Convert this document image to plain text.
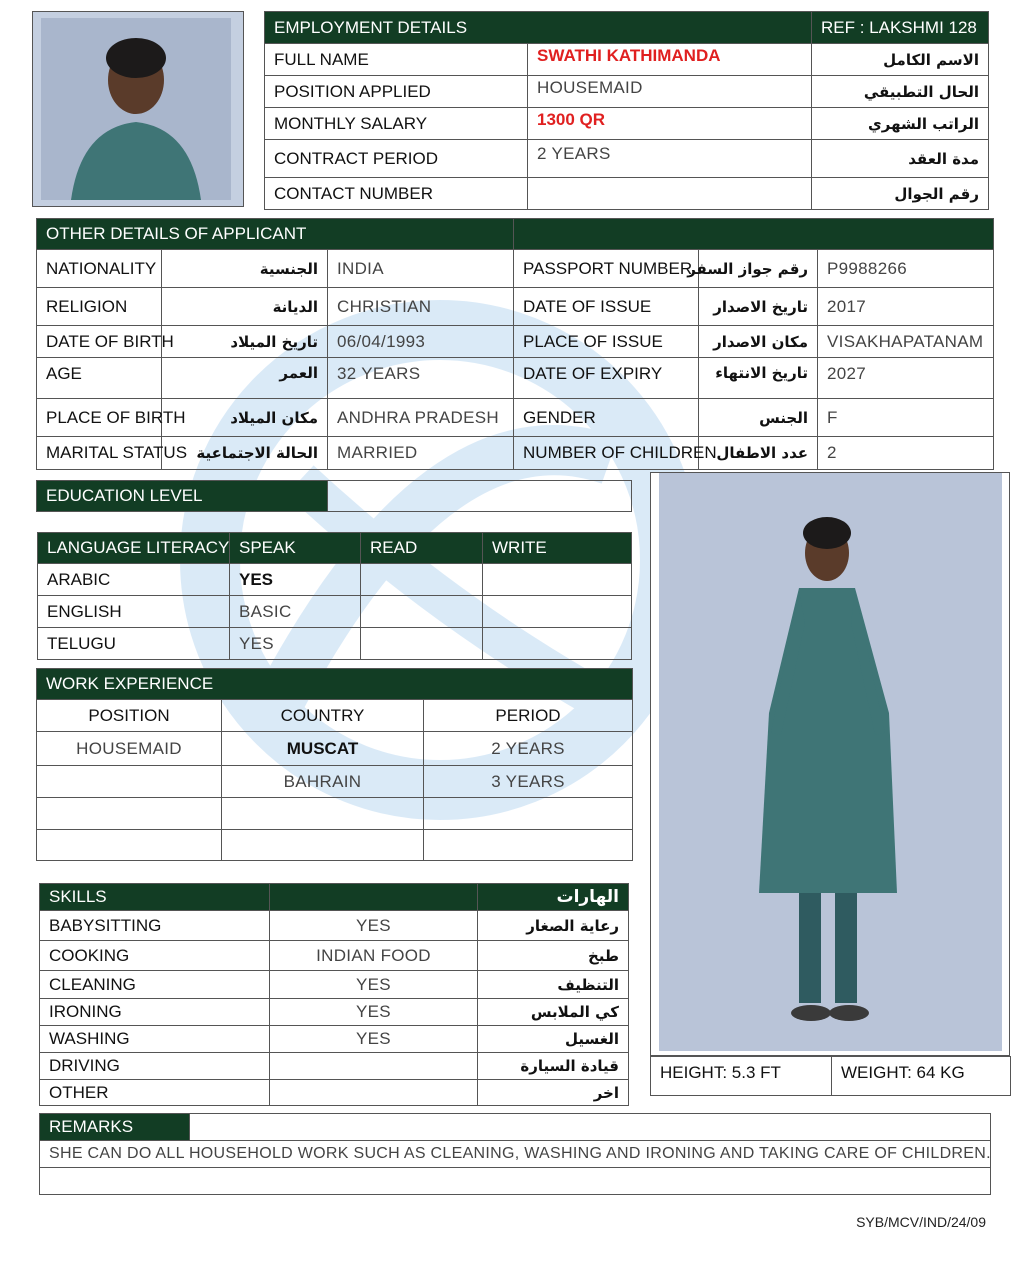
EMPLOYMENT DETAILS		REF : LAKSHMI 128
FULL NAME	SWATHI KATHIMANDA	الاسم الكامل
POSITION APPLIED	HOUSEMAID	الحال التطبيقي
MONTHLY SALARY	1300 QR	الراتب الشهري
CONTRACT PERIOD	2 YEARS	مدة العقد
CONTACT NUMBER		رقم الجوال
OTHER DETAILS OF APPLICANT					
NATIONALITY	الجنسية	INDIA	PASSPORT NUMBER	رقم جواز السفر	P9988266
RELIGION	الديانة	CHRISTIAN	DATE OF ISSUE	تاريخ الاصدار	2017
DATE OF BIRTH	تاريخ الميلاد	06/04/1993	PLACE OF ISSUE	مكان الاصدار	VISAKHAPATANAM
AGE	العمر	32 YEARS	DATE OF EXPIRY	تاريخ الانتهاء	2027
PLACE OF BIRTH	مكان الميلاد	ANDHRA PRADESH	GENDER	الجنس	F
MARITAL STATUS	الحالة الاجتماعية	MARRIED	NUMBER OF CHILDREN	عدد الاطفال	2
EDUCATION LEVEL	
LANGUAGE LITERACY	SPEAK	READ	WRITE
ARABIC	YES		
ENGLISH	BASIC		
TELUGU	YES		
WORK EXPERIENCE		
POSITION	COUNTRY	PERIOD
HOUSEMAID	MUSCAT	2 YEARS
	BAHRAIN	3 YEARS

SKILLS		الهارات
BABYSITTING	YES	رعاية الصغار
COOKING	INDIAN FOOD	طبخ
CLEANING	YES	التنظيف
IRONING	YES	كي الملابس
WASHING	YES	الغسيل
DRIVING		قيادة السيارة
OTHER		اخر
HEIGHT: 5.3 FT	WEIGHT: 64 KG
REMARKS	
SHE CAN DO ALL HOUSEHOLD WORK SUCH AS CLEANING, WASHING AND IRONING AND TAKING CARE OF CHILDREN.

SYB/MCV/IND/24/09
